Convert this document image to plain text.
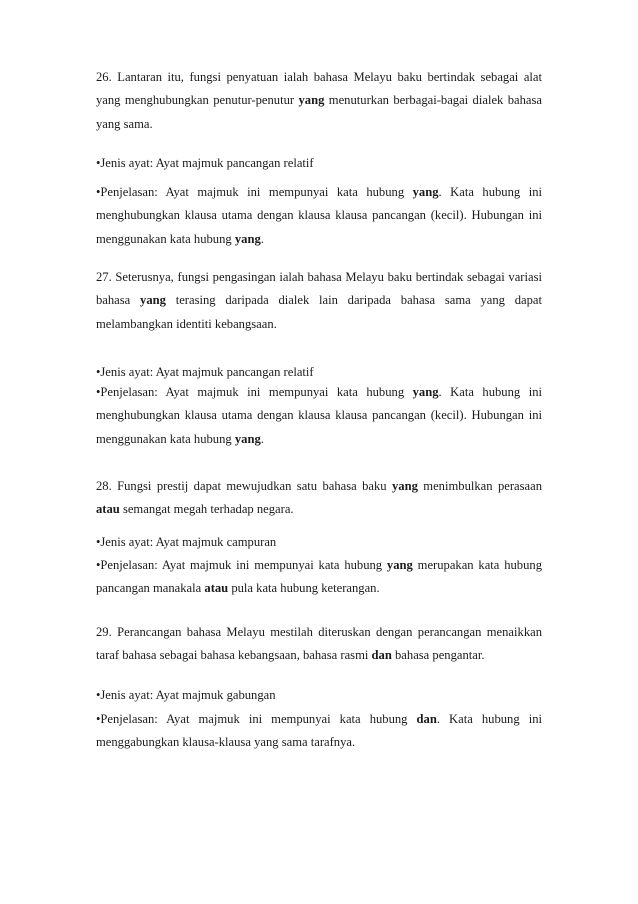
26. Lantaran itu, fungsi penyatuan ialah bahasa Melayu baku bertindak sebagai alat yang menghubungkan penutur-penutur yang menuturkan berbagai-bagai dialek bahasa yang sama.

•Jenis ayat: Ayat majmuk pancangan relatif

•Penjelasan: Ayat majmuk ini mempunyai kata hubung yang. Kata hubung ini menghubungkan klausa utama dengan klausa klausa pancangan (kecil). Hubungan ini menggunakan kata hubung yang.

27. Seterusnya, fungsi pengasingan ialah bahasa Melayu baku bertindak sebagai variasi bahasa yang terasing daripada dialek lain daripada bahasa sama yang dapat melambangkan identiti kebangsaan.

•Jenis ayat: Ayat majmuk pancangan relatif

•Penjelasan: Ayat majmuk ini mempunyai kata hubung yang. Kata hubung ini menghubungkan klausa utama dengan klausa klausa pancangan (kecil). Hubungan ini menggunakan kata hubung yang.

28. Fungsi prestij dapat mewujudkan satu bahasa baku yang menimbulkan perasaan atau semangat megah terhadap negara.

•Jenis ayat: Ayat majmuk campuran

•Penjelasan: Ayat majmuk ini mempunyai kata hubung yang merupakan kata hubung pancangan manakala atau pula kata hubung keterangan.

29. Perancangan bahasa Melayu mestilah diteruskan dengan perancangan menaikkan taraf bahasa sebagai bahasa kebangsaan, bahasa rasmi dan bahasa pengantar.

•Jenis ayat: Ayat majmuk gabungan

•Penjelasan: Ayat majmuk ini mempunyai kata hubung dan. Kata hubung ini menggabungkan klausa-klausa yang sama tarafnya.
